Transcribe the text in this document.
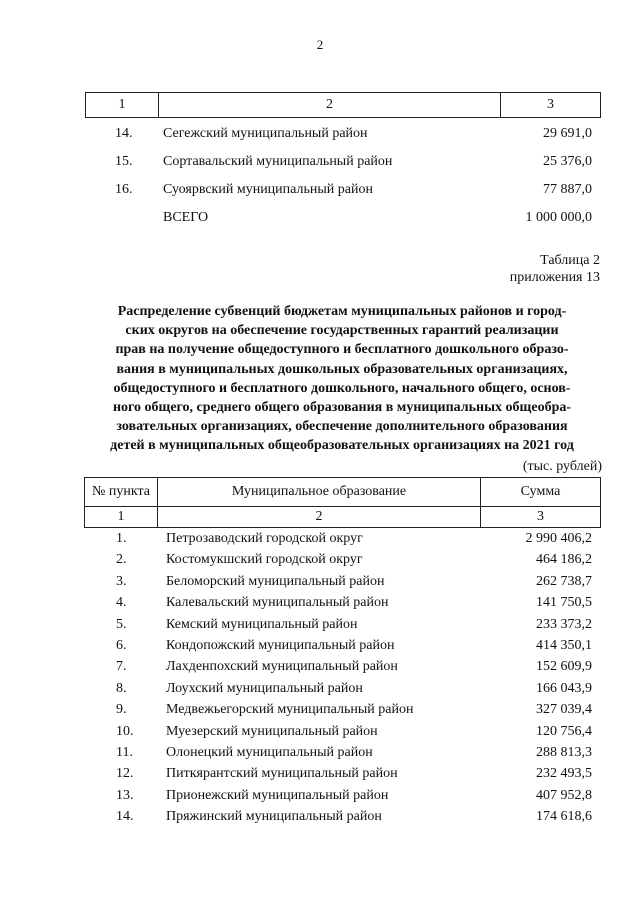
2
1	2	3
14. Сегежский муниципальный район	29 691,0
15. Сортавальский муниципальный район	25 376,0
16. Суоярвский муниципальный район	77 887,0
ВСЕГО	1 000 000,0
Таблица 2
приложения 13
Распределение субвенций бюджетам муниципальных районов и город-
ских округов на обеспечение государственных гарантий реализации
прав на получение общедоступного и бесплатного дошкольного образо-
вания в муниципальных дошкольных образовательных организациях,
общедоступного и бесплатного дошкольного, начального общего, основ-
ного общего, среднего общего образования в муниципальных общеобра-
зовательных организациях, обеспечение дополнительного образования
детей в муниципальных общеобразовательных организациях на 2021 год
(тыс. рублей)
№ пункта	Муниципальное образование	Сумма
1	2	3
1.	Петрозаводский городской округ	2 990 406,2
2.	Костомукшский городской округ	464 186,2
3.	Беломорский муниципальный район	262 738,7
4.	Калевальский муниципальный район	141 750,5
5.	Кемский муниципальный район	233 373,2
6.	Кондопожский муниципальный район	414 350,1
7.	Лахденпохский муниципальный район	152 609,9
8.	Лоухский муниципальный район	166 043,9
9.	Медвежьегорский муниципальный район	327 039,4
10. Муезерский муниципальный район	120 756,4
11. Олонецкий муниципальный район	288 813,3
12. Питкярантский муниципальный район	232 493,5
13. Прионежский муниципальный район	407 952,8
14. Пряжинский муниципальный район	174 618,6
